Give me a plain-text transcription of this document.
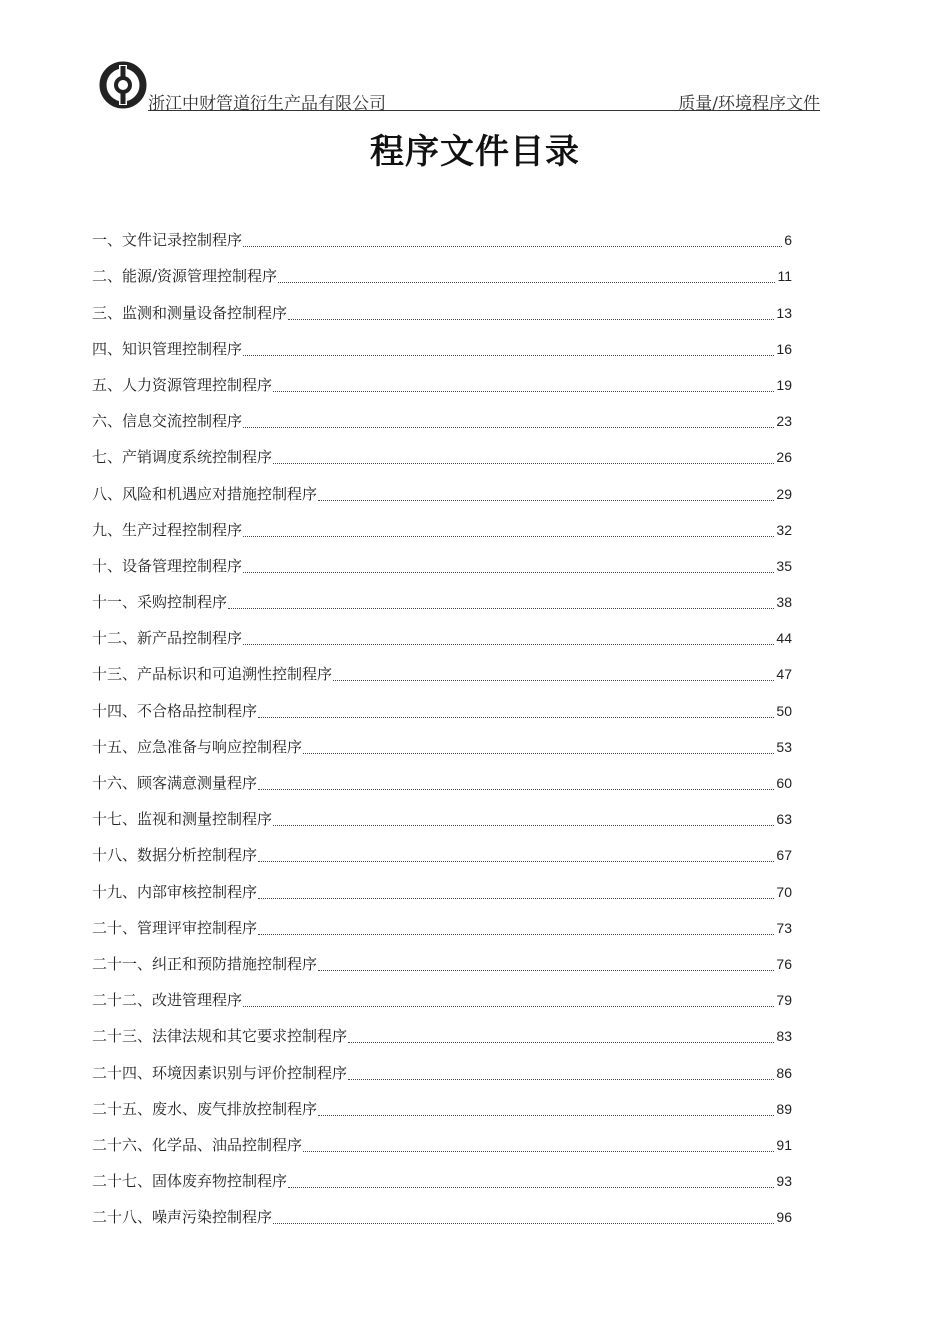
浙江中财管道衍生产品有限公司	质量/环境程序文件
程序文件目录
一、文件记录控制程序	6
二、能源/资源管理控制程序	11
三、监测和测量设备控制程序	13
四、知识管理控制程序	16
五、人力资源管理控制程序	19
六、信息交流控制程序	23
七、产销调度系统控制程序	26
八、风险和机遇应对措施控制程序	29
九、生产过程控制程序	32
十、设备管理控制程序	35
十一、采购控制程序	38
十二、新产品控制程序	44
十三、产品标识和可追溯性控制程序	47
十四、不合格品控制程序	50
十五、应急准备与响应控制程序	53
十六、顾客满意测量程序	60
十七、监视和测量控制程序	63
十八、数据分析控制程序	67
十九、内部审核控制程序	70
二十、管理评审控制程序	73
二十一、纠正和预防措施控制程序	76
二十二、改进管理程序	79
二十三、法律法规和其它要求控制程序	83
二十四、环境因素识别与评价控制程序	86
二十五、废水、废气排放控制程序	89
二十六、化学品、油品控制程序	91
二十七、固体废弃物控制程序	93
二十八、噪声污染控制程序	96
